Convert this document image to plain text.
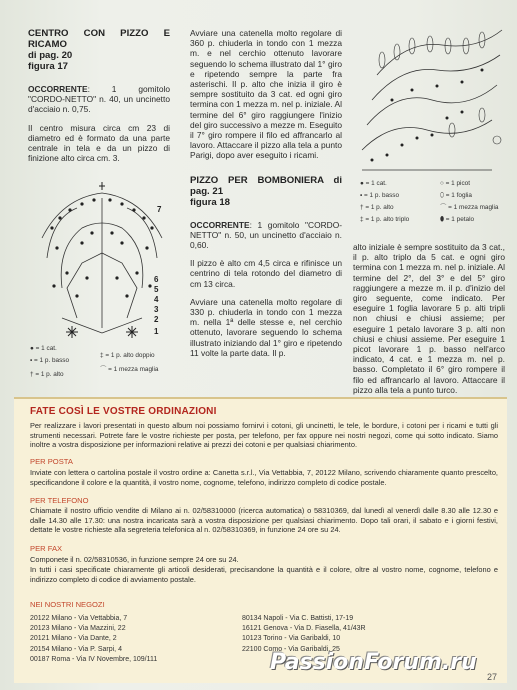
CENTRO CON PIZZO E RICAMO
di pag. 20
figura 17

OCCORRENTE: 1 gomitolo "CORDO-NETTO" n. 40, un uncinetto d'acciaio n. 0,75.

Il centro misura circa cm 23 di diametro ed è formato da una parte centrale in tela e da un pizzo di finizione alto circa cm. 3.

7
6
5
4
3
2
1
● = 1 cat.
▪ = 1 p. basso
† = 1 p. alto
‡ = 1 p. alto doppio
⌒ = 1 mezza maglia

Avviare una catenella molto regolare di 360 p. chiuderla in tondo con 1 mezza m. e nel cerchio ottenuto lavorare seguendo lo schema illustrato dal 1° giro e ripetendo sempre la parte fra asterischi. Il p. alto che inizia il giro è sempre sostituito da 3 cat. ed ogni giro termina con 1 mezza m. nel p. iniziale. Al termine del 6° giro raggiungere l'inizio del giro successivo a mezze m. Eseguito il 7° giro rompere il filo ed affrancarlo al lavoro. Attaccare il pizzo alla tela a punto Parigi, dopo aver eseguito i ricami.

PIZZO PER BOMBONIERA di pag. 21
figura 18

OCCORRENTE: 1 gomitolo "CORDO-NETTO" n. 50, un uncinetto d'acciaio n. 0,60.

Il pizzo è alto cm 4,5 circa e rifinisce un centrino di tela rotondo del diametro di cm 13 circa.

Avviare una catenella molto regolare di 330 p. chiuderla in tondo con 1 mezza m. nella 1ª delle stesse e, nel cerchio ottenuto, lavorare seguendo lo schema illustrato iniziando dal 1° giro e ripetendo 11 volte la parte data. Il p.

● = 1 cat.
▪ = 1 p. basso
† = 1 p. alto
‡ = 1 p. alto triplo
○ = 1 picot
⬯ = 1 foglia
⌒ = 1 mezza maglia
⬮ = 1 petalo

alto iniziale è sempre sostituito da 3 cat., il p. alto triplo da 5 cat. e ogni giro termina con 1 mezza m. nel p. iniziale. Al termine del 2°, del 3° e del 5° giro raggiungere a mezze m. il p. d'inizio del giro seguente, come indicato. Per eseguire 1 foglia lavorare 5 p. alti tripli non chiusi e chiusi assieme; per eseguire 1 petalo lavorare 3 p. alti non chiusi e chiusi assieme. Per eseguire 1 picot lavorare 1 p. basso nell'arco indicato, 4 cat. e 1 mezza m. nel p. basso. Completato il 6° giro rompere il filo ed affrancarlo al lavoro. Attaccare il pizzo alla tela a punto turco.

FATE COSÌ LE VOSTRE ORDINAZIONI
Per realizzare i lavori presentati in questo album noi possiamo fornirvi i cotoni, gli uncinetti, le tele, le bordure, i cotoni per i ricami e tutti gli strumenti necessari. Potrete fare le vostre richieste per posta, per telefono, per fax oppure nei nostri negozi, come qui sotto indicato. Siamo inoltre a vostra disposizione per informazioni relative ai prezzi dei cotoni e per qualsiasi chiarimento.
PER POSTA
Inviate con lettera o cartolina postale il vostro ordine a: Canetta s.r.l., Via Vettabbia, 7, 20122 Milano, scrivendo chiaramente quanto prescelto, specificandone il colore e la quantità, il vostro nome, cognome, telefono, indirizzo completo di codice postale.
PER TELEFONO
Chiamate il nostro ufficio vendite di Milano ai n. 02/58310000 (ricerca automatica) o 58310369, dal lunedì al venerdì dalle 8.30 alle 12.30 e dalle 14.30 alle 17.30: una nostra incaricata sarà a vostra disposizione per qualsiasi chiarimento. Dopo tali orari, il sabato e i giorni festivi, dettate le vostre richieste alla segreteria telefonica al n. 02/58310369, in funzione 24 ore su 24.
PER FAX
Componete il n. 02/58310536, in funzione sempre 24 ore su 24.
In tutti i casi specificate chiaramente gli articoli desiderati, precisandone la quantità e il colore, oltre al vostro nome, cognome, telefono e indirizzo completo di codice di avviamento postale.
NEI NOSTRI NEGOZI
20122 Milano - Via Vettabbia, 7
20123 Milano - Via Mazzini, 22
20121 Milano - Via Dante, 2
20154 Milano - Via P. Sarpi, 4
00187 Roma - Via IV Novembre, 109/111
80134 Napoli - Via C. Battisti, 17-19
16121 Genova - Via D. Fiasella, 41/43R
10123 Torino - Via Garibaldi, 10
22100 Como - Via Garibaldi, 25
PassionForum.ru
27
